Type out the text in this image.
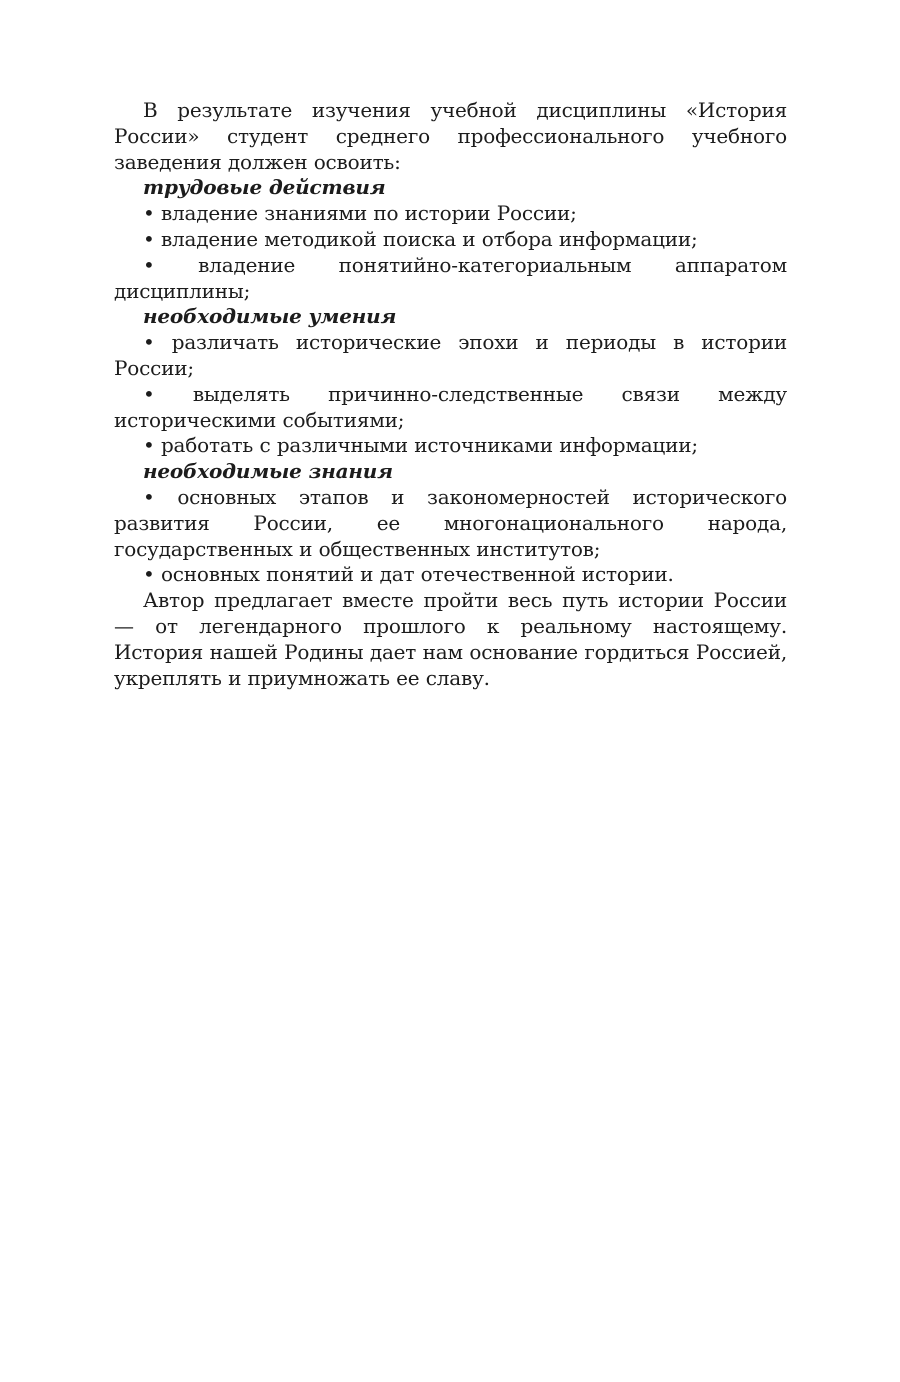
В результате изучения учебной дисциплины «История России» студент среднего профессионального учебного заведения должен освоить:

трудовые действия

• владение знаниями по истории России;

• владение методикой поиска и отбора информации;

• владение понятийно-категориальным аппаратом дисциплины;

необходимые умения

• различать исторические эпохи и периоды в истории России;

• выделять причинно-следственные связи между историческими событиями;

• работать с различными источниками информации;

необходимые знания

• основных этапов и закономерностей исторического развития России, ее многонационального народа, государственных и общественных институтов;

• основных понятий и дат отечественной истории.

Автор предлагает вместе пройти весь путь истории России — от легендарного прошлого к реальному настоящему. История нашей Родины дает нам основание гордиться Россией, укреплять и приумножать ее славу.
